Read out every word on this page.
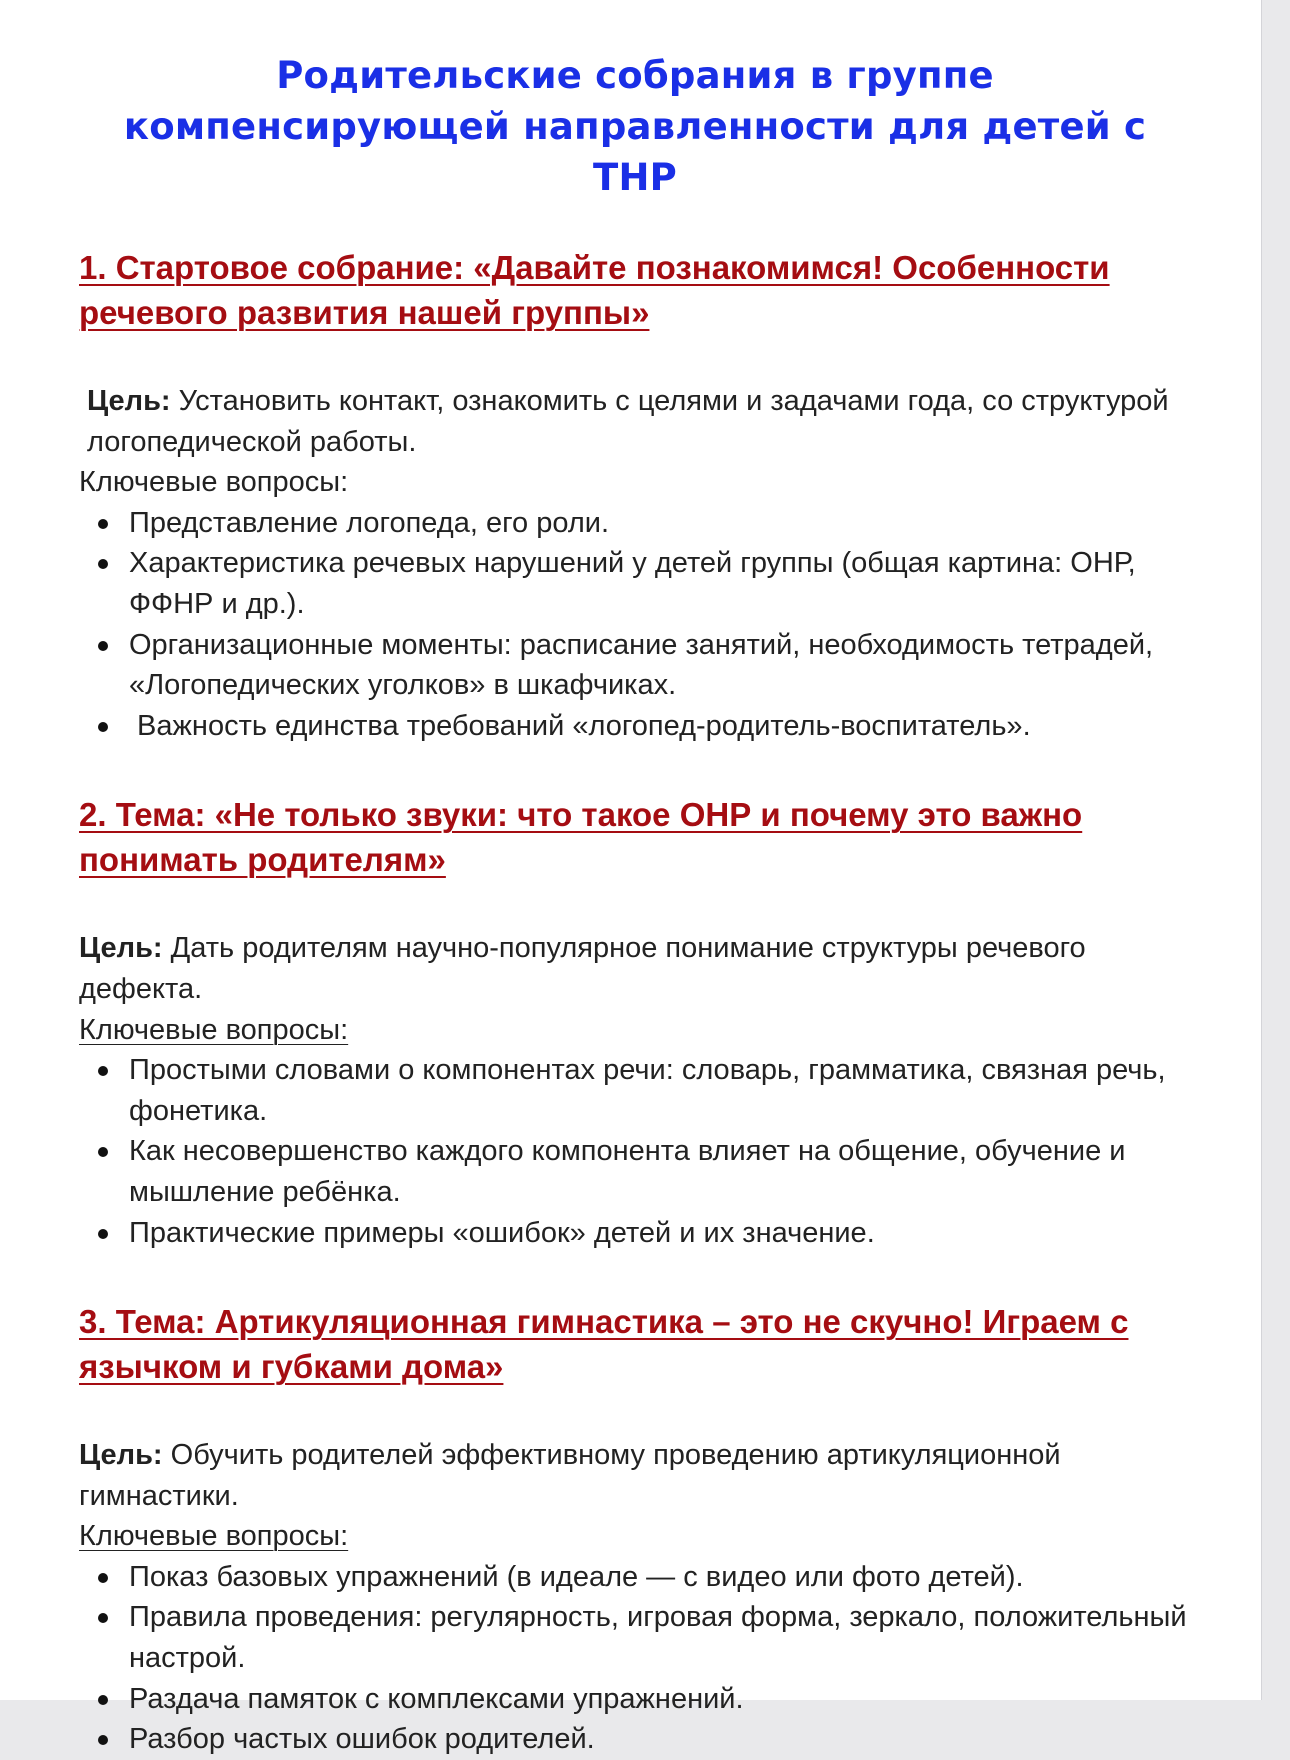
Родительские собрания в группе компенсирующей направленности для детей с ТНР
1. Стартовое собрание: «Давайте познакомимся! Особенности речевого развития нашей группы»

Цель: Установить контакт, ознакомить с целями и задачами года, со структурой логопедической работы.

Ключевые вопросы:

Представление логопеда, его роли.
Характеристика речевых нарушений у детей группы (общая картина: ОНР, ФФНР и др.).
Организационные моменты: расписание занятий, необходимость тетрадей, «Логопедических уголков» в шкафчиках.
Важность единства требований «логопед-родитель-воспитатель».
2. Тема: «Не только звуки: что такое ОНР и почему это важно понимать родителям»

Цель: Дать родителям научно-популярное понимание структуры речевого дефекта.

Ключевые вопросы:

Простыми словами о компонентах речи: словарь, грамматика, связная речь, фонетика.
Как несовершенство каждого компонента влияет на общение, обучение и мышление ребёнка.
Практические примеры «ошибок» детей и их значение.
3. Тема: Артикуляционная гимнастика – это не скучно! Играем с язычком и губками дома»

Цель: Обучить родителей эффективному проведению артикуляционной гимнастики.

Ключевые вопросы:

Показ базовых упражнений (в идеале — с видео или фото детей).
Правила проведения: регулярность, игровая форма, зеркало, положительный настрой.
Раздача памяток с комплексами упражнений.
Разбор частых ошибок родителей.
